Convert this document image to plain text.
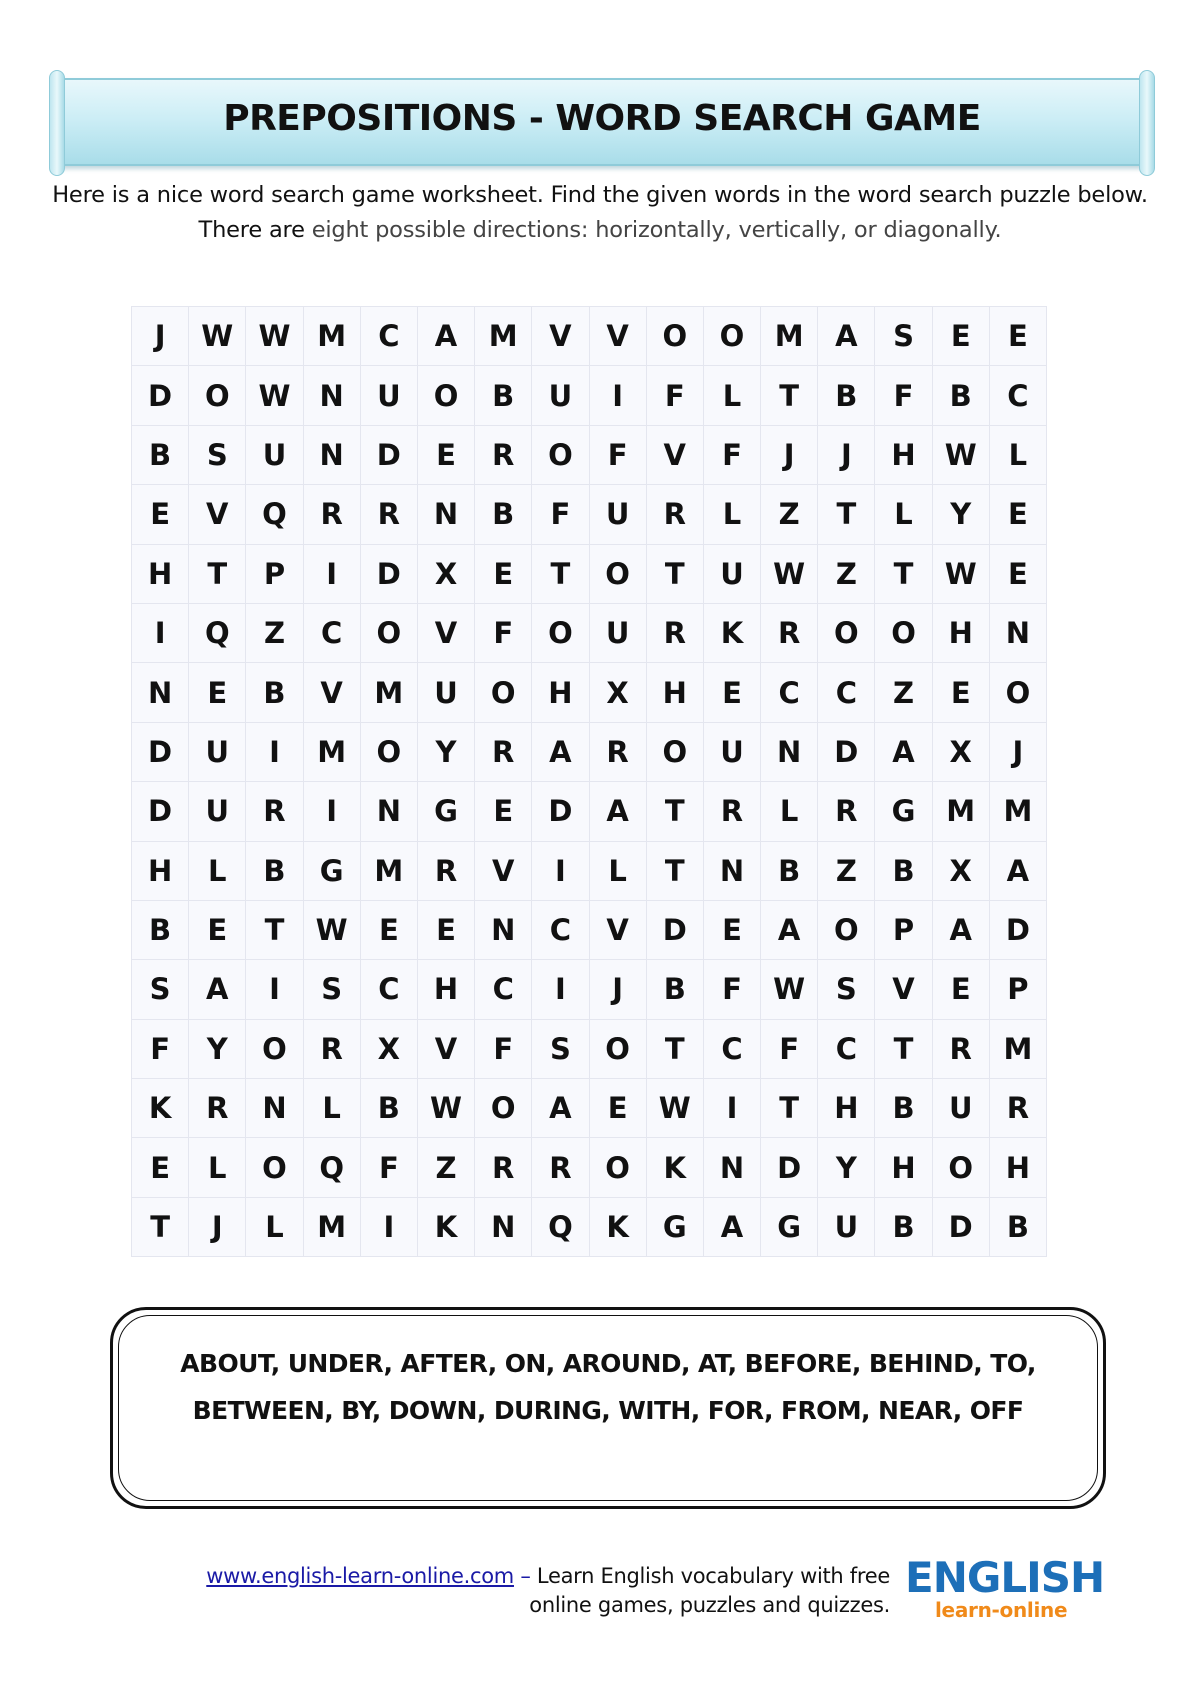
PREPOSITIONS - WORD SEARCH GAME
Here is a nice word search game worksheet. Find the given words in the word search puzzle below. There are eight possible directions: horizontally, vertically, or diagonally.
J	W	W	M	C	A	M	V	V	O	O	M	A	S	E	E
D	O	W	N	U	O	B	U	I	F	L	T	B	F	B	C
B	S	U	N	D	E	R	O	F	V	F	J	J	H	W	L
E	V	Q	R	R	N	B	F	U	R	L	Z	T	L	Y	E
H	T	P	I	D	X	E	T	O	T	U	W	Z	T	W	E
I	Q	Z	C	O	V	F	O	U	R	K	R	O	O	H	N
N	E	B	V	M	U	O	H	X	H	E	C	C	Z	E	O
D	U	I	M	O	Y	R	A	R	O	U	N	D	A	X	J
D	U	R	I	N	G	E	D	A	T	R	L	R	G	M	M
H	L	B	G	M	R	V	I	L	T	N	B	Z	B	X	A
B	E	T	W	E	E	N	C	V	D	E	A	O	P	A	D
S	A	I	S	C	H	C	I	J	B	F	W	S	V	E	P
F	Y	O	R	X	V	F	S	O	T	C	F	C	T	R	M
K	R	N	L	B	W	O	A	E	W	I	T	H	B	U	R
E	L	O	Q	F	Z	R	R	O	K	N	D	Y	H	O	H
T	J	L	M	I	K	N	Q	K	G	A	G	U	B	D	B
ABOUT, UNDER, AFTER, ON, AROUND, AT, BEFORE, BEHIND, TO,
BETWEEN, BY, DOWN, DURING, WITH, FOR, FROM, NEAR, OFF
www.english-learn-online.com – Learn English vocabulary with free
online games, puzzles and quizzes.
ENGLISH
learn-online
